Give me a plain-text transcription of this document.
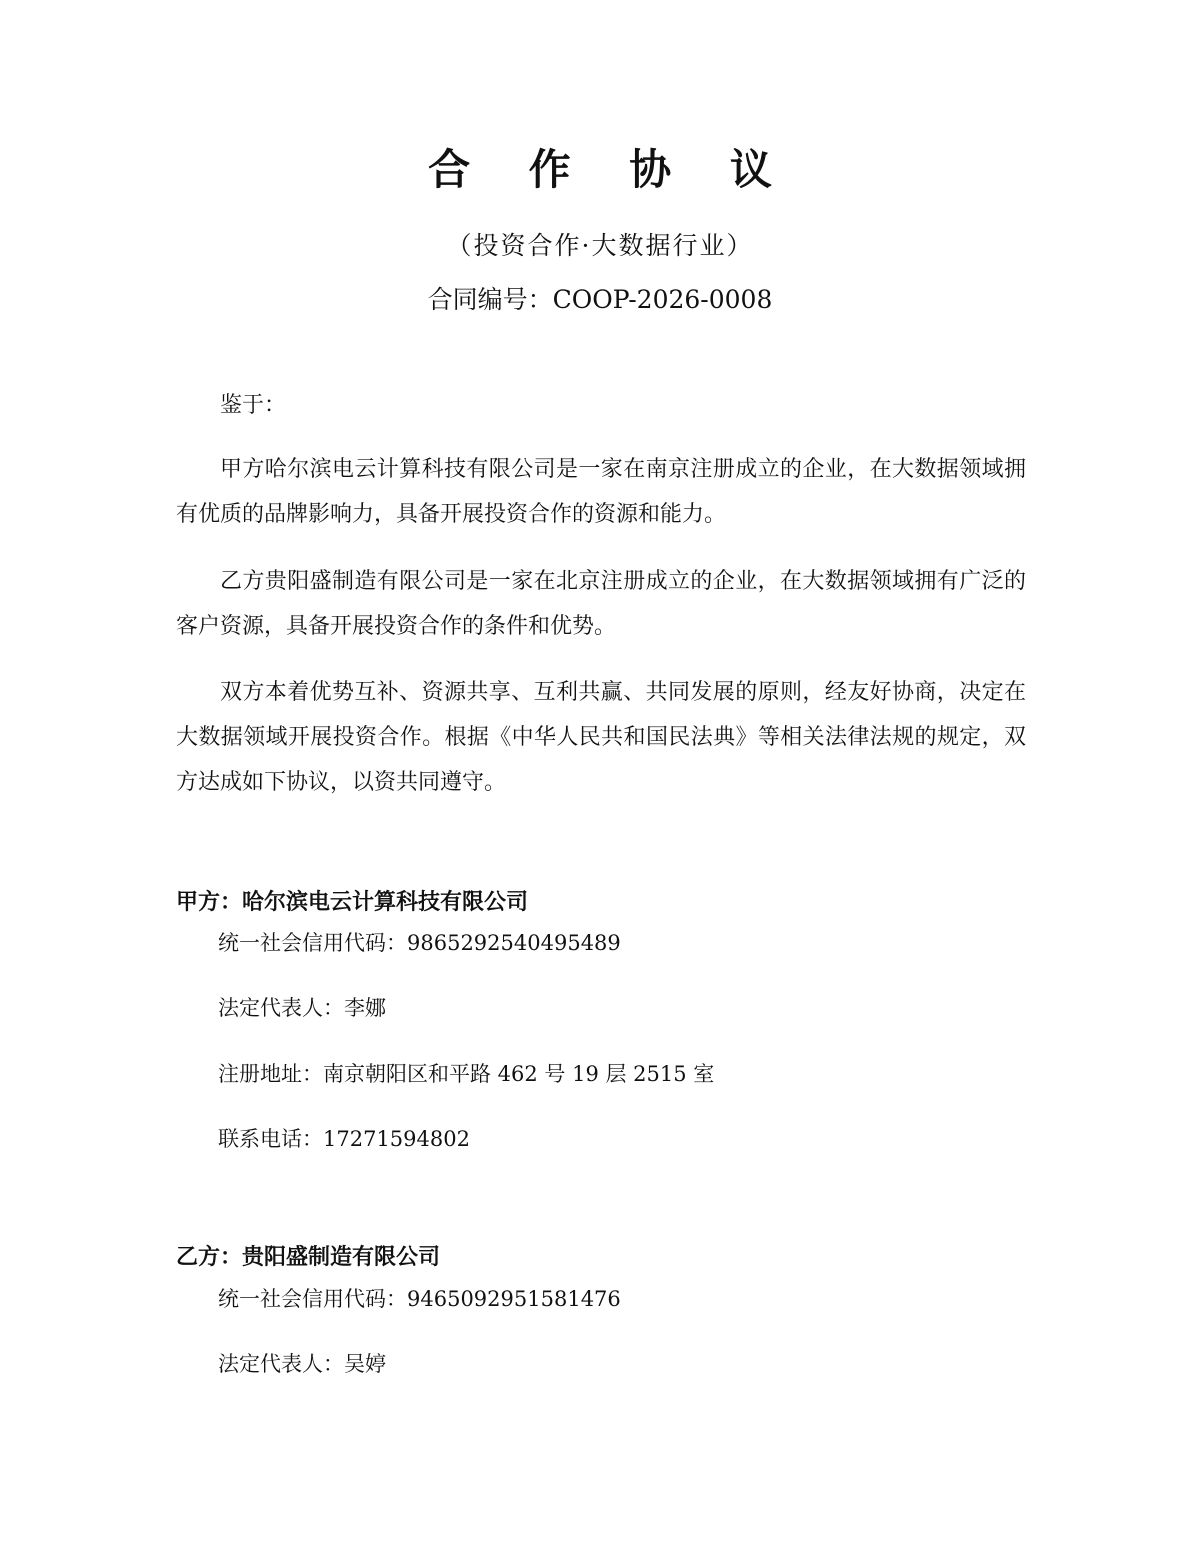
合 作 协 议
（投资合作·大数据行业）
合同编号：COOP-2026-0008
鉴于：
甲方哈尔滨电云计算科技有限公司是一家在南京注册成立的企业，在大数据领域拥有优质的品牌影响力，具备开展投资合作的资源和能力。
乙方贵阳盛制造有限公司是一家在北京注册成立的企业，在大数据领域拥有广泛的客户资源，具备开展投资合作的条件和优势。
双方本着优势互补、资源共享、互利共赢、共同发展的原则，经友好协商，决定在大数据领域开展投资合作。根据《中华人民共和国民法典》等相关法律法规的规定，双方达成如下协议，以资共同遵守。
甲方：哈尔滨电云计算科技有限公司
统一社会信用代码：9865292540495489
法定代表人：李娜
注册地址：南京朝阳区和平路 462 号 19 层 2515 室
联系电话：17271594802
乙方：贵阳盛制造有限公司
统一社会信用代码：9465092951581476
法定代表人：吴婷
